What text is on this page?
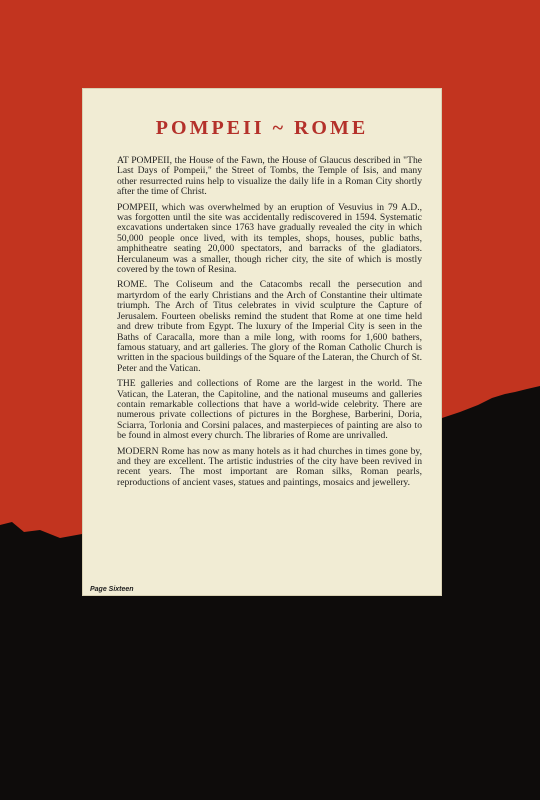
POMPEII ~ ROME

AT POMPEII, the House of the Fawn, the House of Glaucus described in "The Last Days of Pompeii," the Street of Tombs, the Temple of Isis, and many other resurrected ruins help to visualize the daily life in a Roman City shortly after the time of Christ.

POMPEII, which was overwhelmed by an eruption of Vesuvius in 79 A.D., was forgotten until the site was accidentally rediscovered in 1594. Systematic excavations undertaken since 1763 have gradually revealed the city in which 50,000 people once lived, with its temples, shops, houses, public baths, amphitheatre seating 20,000 spectators, and barracks of the gladiators. Herculaneum was a smaller, though richer city, the site of which is mostly covered by the town of Resina.

ROME. The Coliseum and the Catacombs recall the persecution and martyrdom of the early Christians and the Arch of Constantine their ultimate triumph. The Arch of Titus celebrates in vivid sculpture the Capture of Jerusalem. Fourteen obelisks remind the student that Rome at one time held and drew tribute from Egypt. The luxury of the Imperial City is seen in the Baths of Caracalla, more than a mile long, with rooms for 1,600 bathers, famous statuary, and art galleries. The glory of the Roman Catholic Church is written in the spacious buildings of the Square of the Lateran, the Church of St. Peter and the Vatican.

THE galleries and collections of Rome are the largest in the world. The Vatican, the Lateran, the Capitoline, and the national museums and galleries contain remarkable collections that have a world-wide celebrity. There are numerous private collections of pictures in the Borghese, Barberini, Doria, Sciarra, Torlonia and Corsini palaces, and masterpieces of painting are also to be found in almost every church. The libraries of Rome are unrivalled.

MODERN Rome has now as many hotels as it had churches in times gone by, and they are excellent. The artistic industries of the city have been revived in recent years. The most important are Roman silks, Roman pearls, reproductions of ancient vases, statues and paintings, mosaics and jewellery.

Page Sixteen
